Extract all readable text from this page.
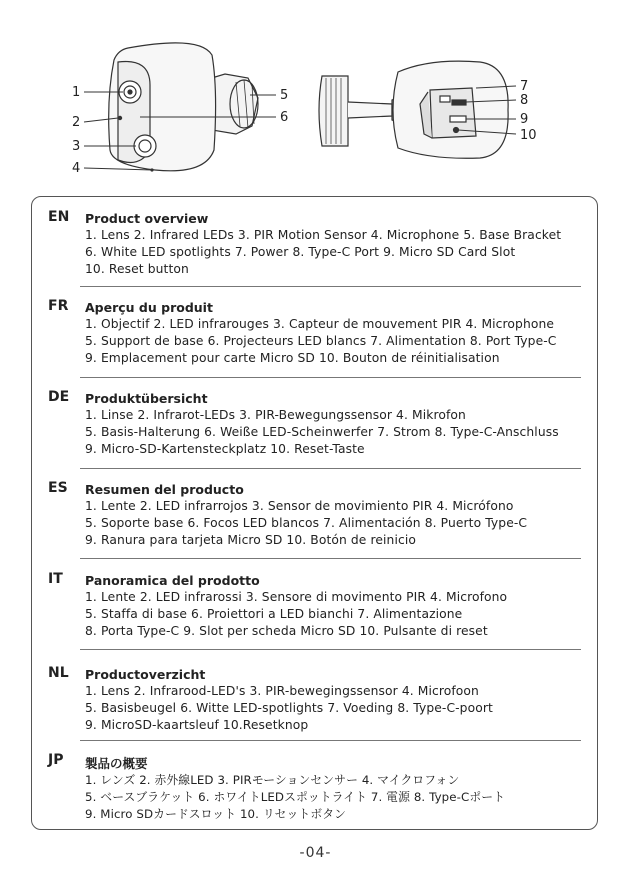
1
2
3
4
5
6
7
8
9
10
EN Product overview
1. Lens 2. Infrared LEDs 3. PIR Motion Sensor 4. Microphone 5. Base Bracket
6. White LED spotlights 7. Power 8. Type-C Port 9. Micro SD Card Slot
10. Reset button
FR Aperçu du produit
1. Objectif 2. LED infrarouges 3. Capteur de mouvement PIR 4. Microphone
5. Support de base 6. Projecteurs LED blancs 7. Alimentation 8. Port Type-C
9. Emplacement pour carte Micro SD 10. Bouton de réinitialisation
DE Produktübersicht
1. Linse 2. Infrarot-LEDs 3. PIR-Bewegungssensor 4. Mikrofon
5. Basis-Halterung 6. Weiße LED-Scheinwerfer 7. Strom 8. Type-C-Anschluss
9. Micro-SD-Kartensteckplatz 10. Reset-Taste
ES Resumen del producto
1. Lente 2. LED infrarrojos 3. Sensor de movimiento PIR 4. Micrófono
5. Soporte base 6. Focos LED blancos 7. Alimentación 8. Puerto Type-C
9. Ranura para tarjeta Micro SD 10. Botón de reinicio
IT Panoramica del prodotto
1. Lente 2. LED infrarossi 3. Sensore di movimento PIR 4. Microfono
5. Staffa di base 6. Proiettori a LED bianchi 7. Alimentazione
8. Porta Type-C 9. Slot per scheda Micro SD 10. Pulsante di reset
NL Productoverzicht
1. Lens 2. Infrarood-LED's 3. PIR-bewegingssensor 4. Microfoon
5. Basisbeugel 6. Witte LED-spotlights 7. Voeding 8. Type-C-poort
9. MicroSD-kaartsleuf 10.Resetknop
JP 製品の概要
1. レンズ 2. 赤外線LED 3. PIRモーションセンサー 4. マイクロフォン
5. ベースブラケット 6. ホワイトLEDスポットライト 7. 電源 8. Type-Cポート
9. Micro SDカードスロット 10. リセットボタン
-04-
